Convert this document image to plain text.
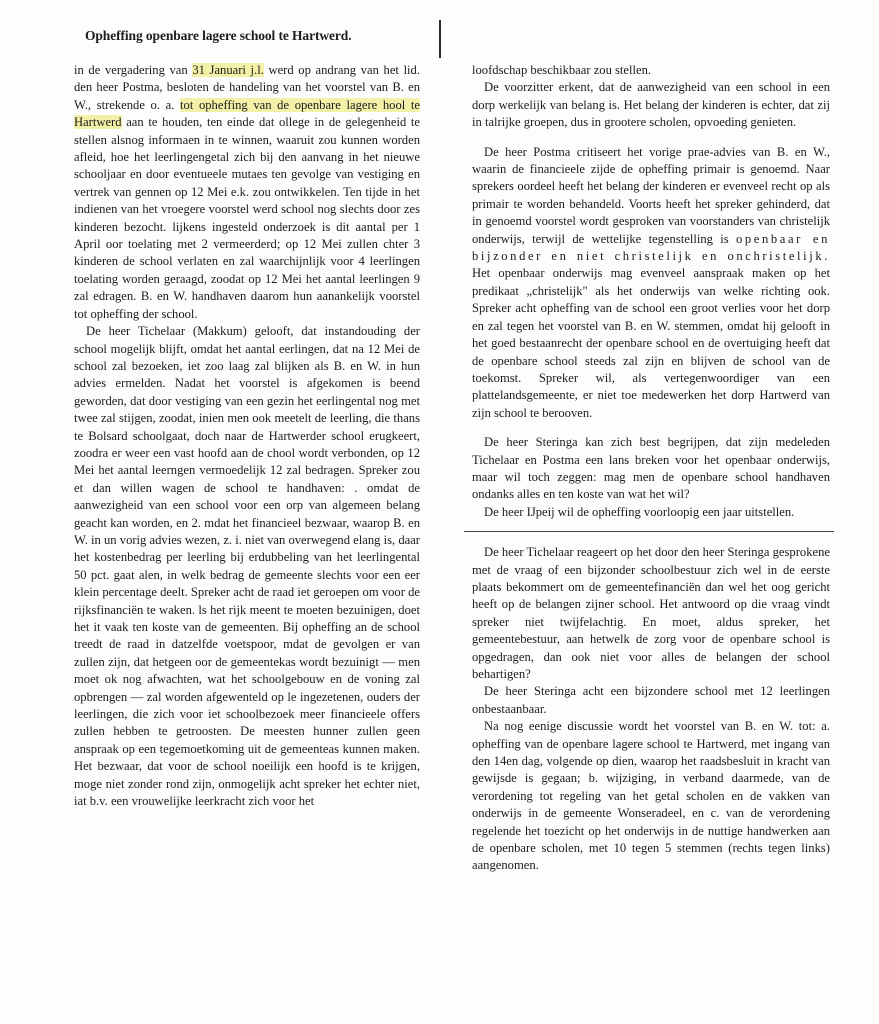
Opheffing openbare lagere school te Hartwerd.

in de vergadering van 31 Januari j.l. werd op andrang van het lid. den heer Postma, besloten de handeling van het voorstel van B. en W., strekende o. a. tot opheffing van de openbare lagere hool te Hartwerd aan te houden, ten einde dat ollege in de gelegenheid te stellen alsnog informaen in te winnen, waaruit zou kunnen worden afleid, hoe het leerlingengetal zich bij den aanvang in het nieuwe schooljaar en door eventueele mutaes ten gevolge van vestiging en vertrek van gennen op 12 Mei e.k. zou ontwikkelen. Ten tijde in het indienen van het vroegere voorstel werd school nog slechts door zes kinderen bezocht. lijkens ingesteld onderzoek is dit aantal per 1 April oor toelating met 2 vermeerderd; op 12 Mei zullen chter 3 kinderen de school verlaten en zal waarchijnlijk voor 4 leerlingen toelating worden geraagd, zoodat op 12 Mei het aantal leerlingen 9 zal edragen. B. en W. handhaven daarom hun aanankelijk voorstel tot opheffing der school.

De heer Tichelaar (Makkum) gelooft, dat instandouding der school mogelijk blijft, omdat het aantal eerlingen, dat na 12 Mei de school zal bezoeken, iet zoo laag zal blijken als B. en W. in hun advies ermelden. Nadat het voorstel is afgekomen is beend geworden, dat door vestiging van een gezin het eerlingental nog met twee zal stijgen, zoodat, inien men ook meetelt de leerling, die thans te Bolsard schoolgaat, doch naar de Hartwerder school erugkeert, zoodra er weer een vast hoofd aan de chool wordt verbonden, op 12 Mei het aantal leerngen vermoedelijk 12 zal bedragen. Spreker zou et dan willen wagen de school te handhaven: . omdat de aanwezigheid van een school voor een orp van algemeen belang geacht kan worden, en 2. mdat het financieel bezwaar, waarop B. en W. in un vorig advies wezen, z. i. niet van overwegend elang is, daar het kostenbedrag per leerling bij erdubbeling van het leerlingental 50 pct. gaat alen, in welk bedrag de gemeente slechts voor een eer klein percentage deelt. Spreker acht de raad iet geroepen om voor de rijksfinanciën te waken. ls het rijk meent te moeten bezuinigen, doet het it vaak ten koste van de gemeenten. Bij opheffing an de school treedt de raad in datzelfde voetspoor, mdat de gevolgen er van zullen zijn, dat hetgeen oor de gemeentekas wordt bezuinigt — men moet ok nog afwachten, wat het schoolgebouw en de voning zal opbrengen — zal worden afgewenteld op le ingezetenen, ouders der leerlingen, die zich voor iet schoolbezoek meer financieele offers zullen hebben te getroosten. De meesten hunner zullen geen anspraak op een tegemoetkoming uit de gemeenteas kunnen maken. Het bezwaar, dat voor de school noeilijk een hoofd is te krijgen, moge niet zonder rond zijn, onmogelijk acht spreker het echter niet, iat b.v. een vrouwelijke leerkracht zich voor het

loofdschap beschikbaar zou stellen.

De voorzitter erkent, dat de aanwezigheid van een school in een dorp werkelijk van belang is. Het belang der kinderen is echter, dat zij in talrijke groepen, dus in grootere scholen, opvoeding genieten.

De heer Postma critiseert het vorige prae-advies van B. en W., waarin de financieele zijde de opheffing primair is genoemd. Naar sprekers oordeel heeft het belang der kinderen er evenveel recht op als primair te worden behandeld. Voorts heeft het spreker gehinderd, dat in genoemd voorstel wordt gesproken van voorstanders van christelijk onderwijs, terwijl de wettelijke tegenstelling is openbaar en bijzonder en niet christelijk en onchristelijk. Het openbaar onderwijs mag evenveel aanspraak maken op het predikaat „christelijk" als het onderwijs van welke richting ook. Spreker acht opheffing van de school een groot verlies voor het dorp en zal tegen het voorstel van B. en W. stemmen, omdat hij gelooft in het goed bestaanrecht der openbare school en de overtuiging heeft dat de openbare school steeds zal zijn en blijven de school van de toekomst. Spreker wil, als vertegenwoordiger van een plattelandsgemeente, er niet toe medewerken het dorp Hartwerd van zijn school te berooven.

De heer Steringa kan zich best begrijpen, dat zijn medeleden Tichelaar en Postma een lans breken voor het openbaar onderwijs, maar wil toch zeggen: mag men de openbare school handhaven ondanks alles en ten koste van wat het wil?

De heer IJpeij wil de opheffing voorloopig een jaar uitstellen.

De heer Tichelaar reageert op het door den heer Steringa gesprokene met de vraag of een bijzonder schoolbestuur zich wel in de eerste plaats bekommert om de gemeentefinanciën dan wel het oog gericht heeft op de belangen zijner school. Het antwoord op die vraag vindt spreker niet twijfelachtig. En moet, aldus spreker, het gemeentebestuur, aan hetwelk de zorg voor de openbare school is opgedragen, dan ook niet voor alles de belangen der school behartigen?

De heer Steringa acht een bijzondere school met 12 leerlingen onbestaanbaar.

Na nog eenige discussie wordt het voorstel van B. en W. tot: a. opheffing van de openbare lagere school te Hartwerd, met ingang van den 14en dag, volgende op dien, waarop het raadsbesluit in kracht van gewijsde is gegaan; b. wijziging, in verband daarmede, van de verordening tot regeling van het getal scholen en de vakken van onderwijs in de gemeente Wonseradeel, en c. van de verordening regelende het toezicht op het onderwijs in de nuttige handwerken aan de openbare scholen, met 10 tegen 5 stemmen (rechts tegen links) aangenomen.
